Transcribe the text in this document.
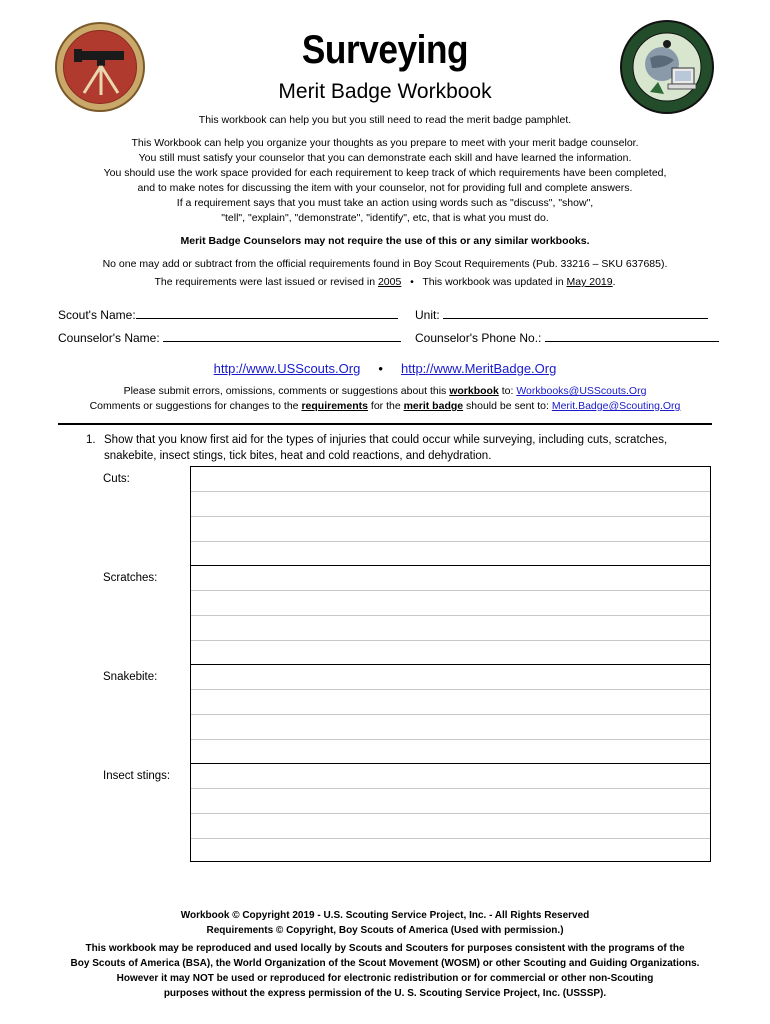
Surveying
Merit Badge Workbook
This workbook can help you but you still need to read the merit badge pamphlet.
This Workbook can help you organize your thoughts as you prepare to meet with your merit badge counselor.
You still must satisfy your counselor that you can demonstrate each skill and have learned the information.
You should use the work space provided for each requirement to keep track of which requirements have been completed,
and to make notes for discussing the item with your counselor, not for providing full and complete answers.
If a requirement says that you must take an action using words such as "discuss", "show",
"tell", "explain", "demonstrate", "identify", etc, that is what you must do.
Merit Badge Counselors may not require the use of this or any similar workbooks.
No one may add or subtract from the official requirements found in Boy Scout Requirements (Pub. 33216 – SKU 637685).
The requirements were last issued or revised in 2005 • This workbook was updated in May 2019.
Scout's Name:	Unit:
Counselor's Name:	Counselor's Phone No.:
http://www.USScouts.Org • http://www.MeritBadge.Org
Please submit errors, omissions, comments or suggestions about this workbook to: Workbooks@USScouts.Org
Comments or suggestions for changes to the requirements for the merit badge should be sent to: Merit.Badge@Scouting.Org
1. Show that you know first aid for the types of injuries that could occur while surveying, including cuts, scratches, snakebite, insect stings, tick bites, heat and cold reactions, and dehydration.
Cuts:
Scratches:
Snakebite:
Insect stings:
Workbook © Copyright 2019 - U.S. Scouting Service Project, Inc. - All Rights Reserved
Requirements © Copyright, Boy Scouts of America (Used with permission.)
This workbook may be reproduced and used locally by Scouts and Scouters for purposes consistent with the programs of the
Boy Scouts of America (BSA), the World Organization of the Scout Movement (WOSM) or other Scouting and Guiding Organizations.
However it may NOT be used or reproduced for electronic redistribution or for commercial or other non-Scouting
purposes without the express permission of the U. S. Scouting Service Project, Inc. (USSSP).
